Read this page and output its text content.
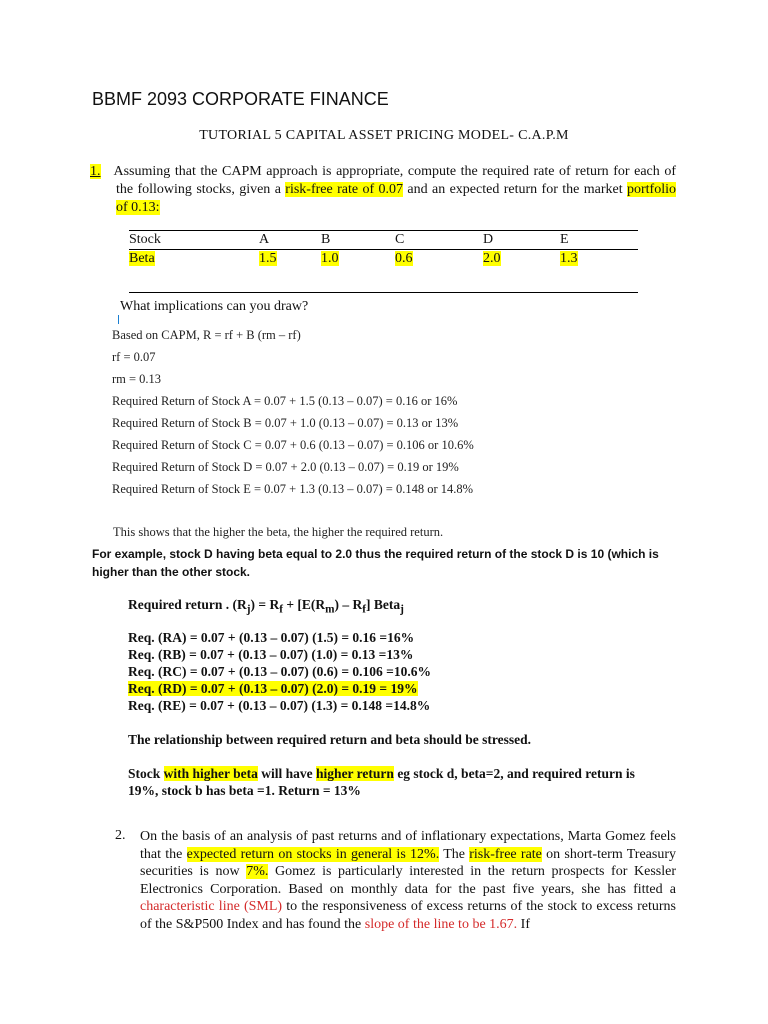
BBMF 2093 CORPORATE FINANCE
TUTORIAL 5 CAPITAL ASSET PRICING MODEL- C.A.P.M
1. Assuming that the CAPM approach is appropriate, compute the required rate of return for each of the following stocks, given a risk-free rate of 0.07 and an expected return for the market portfolio of 0.13:
Stock	A	B	C	D	E
Beta	1.5	1.0	0.6	2.0	1.3

What implications can you draw?
Based on CAPM, R = rf + B (rm – rf)
rf = 0.07
rm = 0.13
Required Return of Stock A = 0.07 + 1.5 (0.13 – 0.07) = 0.16 or 16%
Required Return of Stock B = 0.07 + 1.0 (0.13 – 0.07) = 0.13 or 13%
Required Return of Stock C = 0.07 + 0.6 (0.13 – 0.07) = 0.106 or 10.6%
Required Return of Stock D = 0.07 + 2.0 (0.13 – 0.07) = 0.19 or 19%
Required Return of Stock E = 0.07 + 1.3 (0.13 – 0.07) = 0.148 or 14.8%
This shows that the higher the beta, the higher the required return.
For example, stock D having beta equal to 2.0 thus the required return of the stock D is 10 (which is higher than the other stock.
Required return . $(R_j) = R_f + [E(R_m) - R_f]$ Beta$_j$
Req. (RA) = 0.07 + (0.13 – 0.07) (1.5) = 0.16 =16%
Req. (RB) = 0.07 + (0.13 – 0.07) (1.0) = 0.13 =13%
Req. (RC) = 0.07 + (0.13 – 0.07) (0.6) = 0.106 =10.6%
Req. (RD) = 0.07 + (0.13 – 0.07) (2.0) = 0.19 = 19%
Req. (RE) = 0.07 + (0.13 – 0.07) (1.3) = 0.148 =14.8%
The relationship between required return and beta should be stressed.
Stock with higher beta will have higher return eg stock d, beta=2, and required return is 19%, stock b has beta =1. Return = 13%
2. On the basis of an analysis of past returns and of inflationary expectations, Marta Gomez feels that the expected return on stocks in general is 12%. The risk-free rate on short-term Treasury securities is now 7%. Gomez is particularly interested in the return prospects for Kessler Electronics Corporation. Based on monthly data for the past five years, she has fitted a characteristic line (SML) to the responsiveness of excess returns of the stock to excess returns of the S&P500 Index and has found the slope of the line to be 1.67. If
